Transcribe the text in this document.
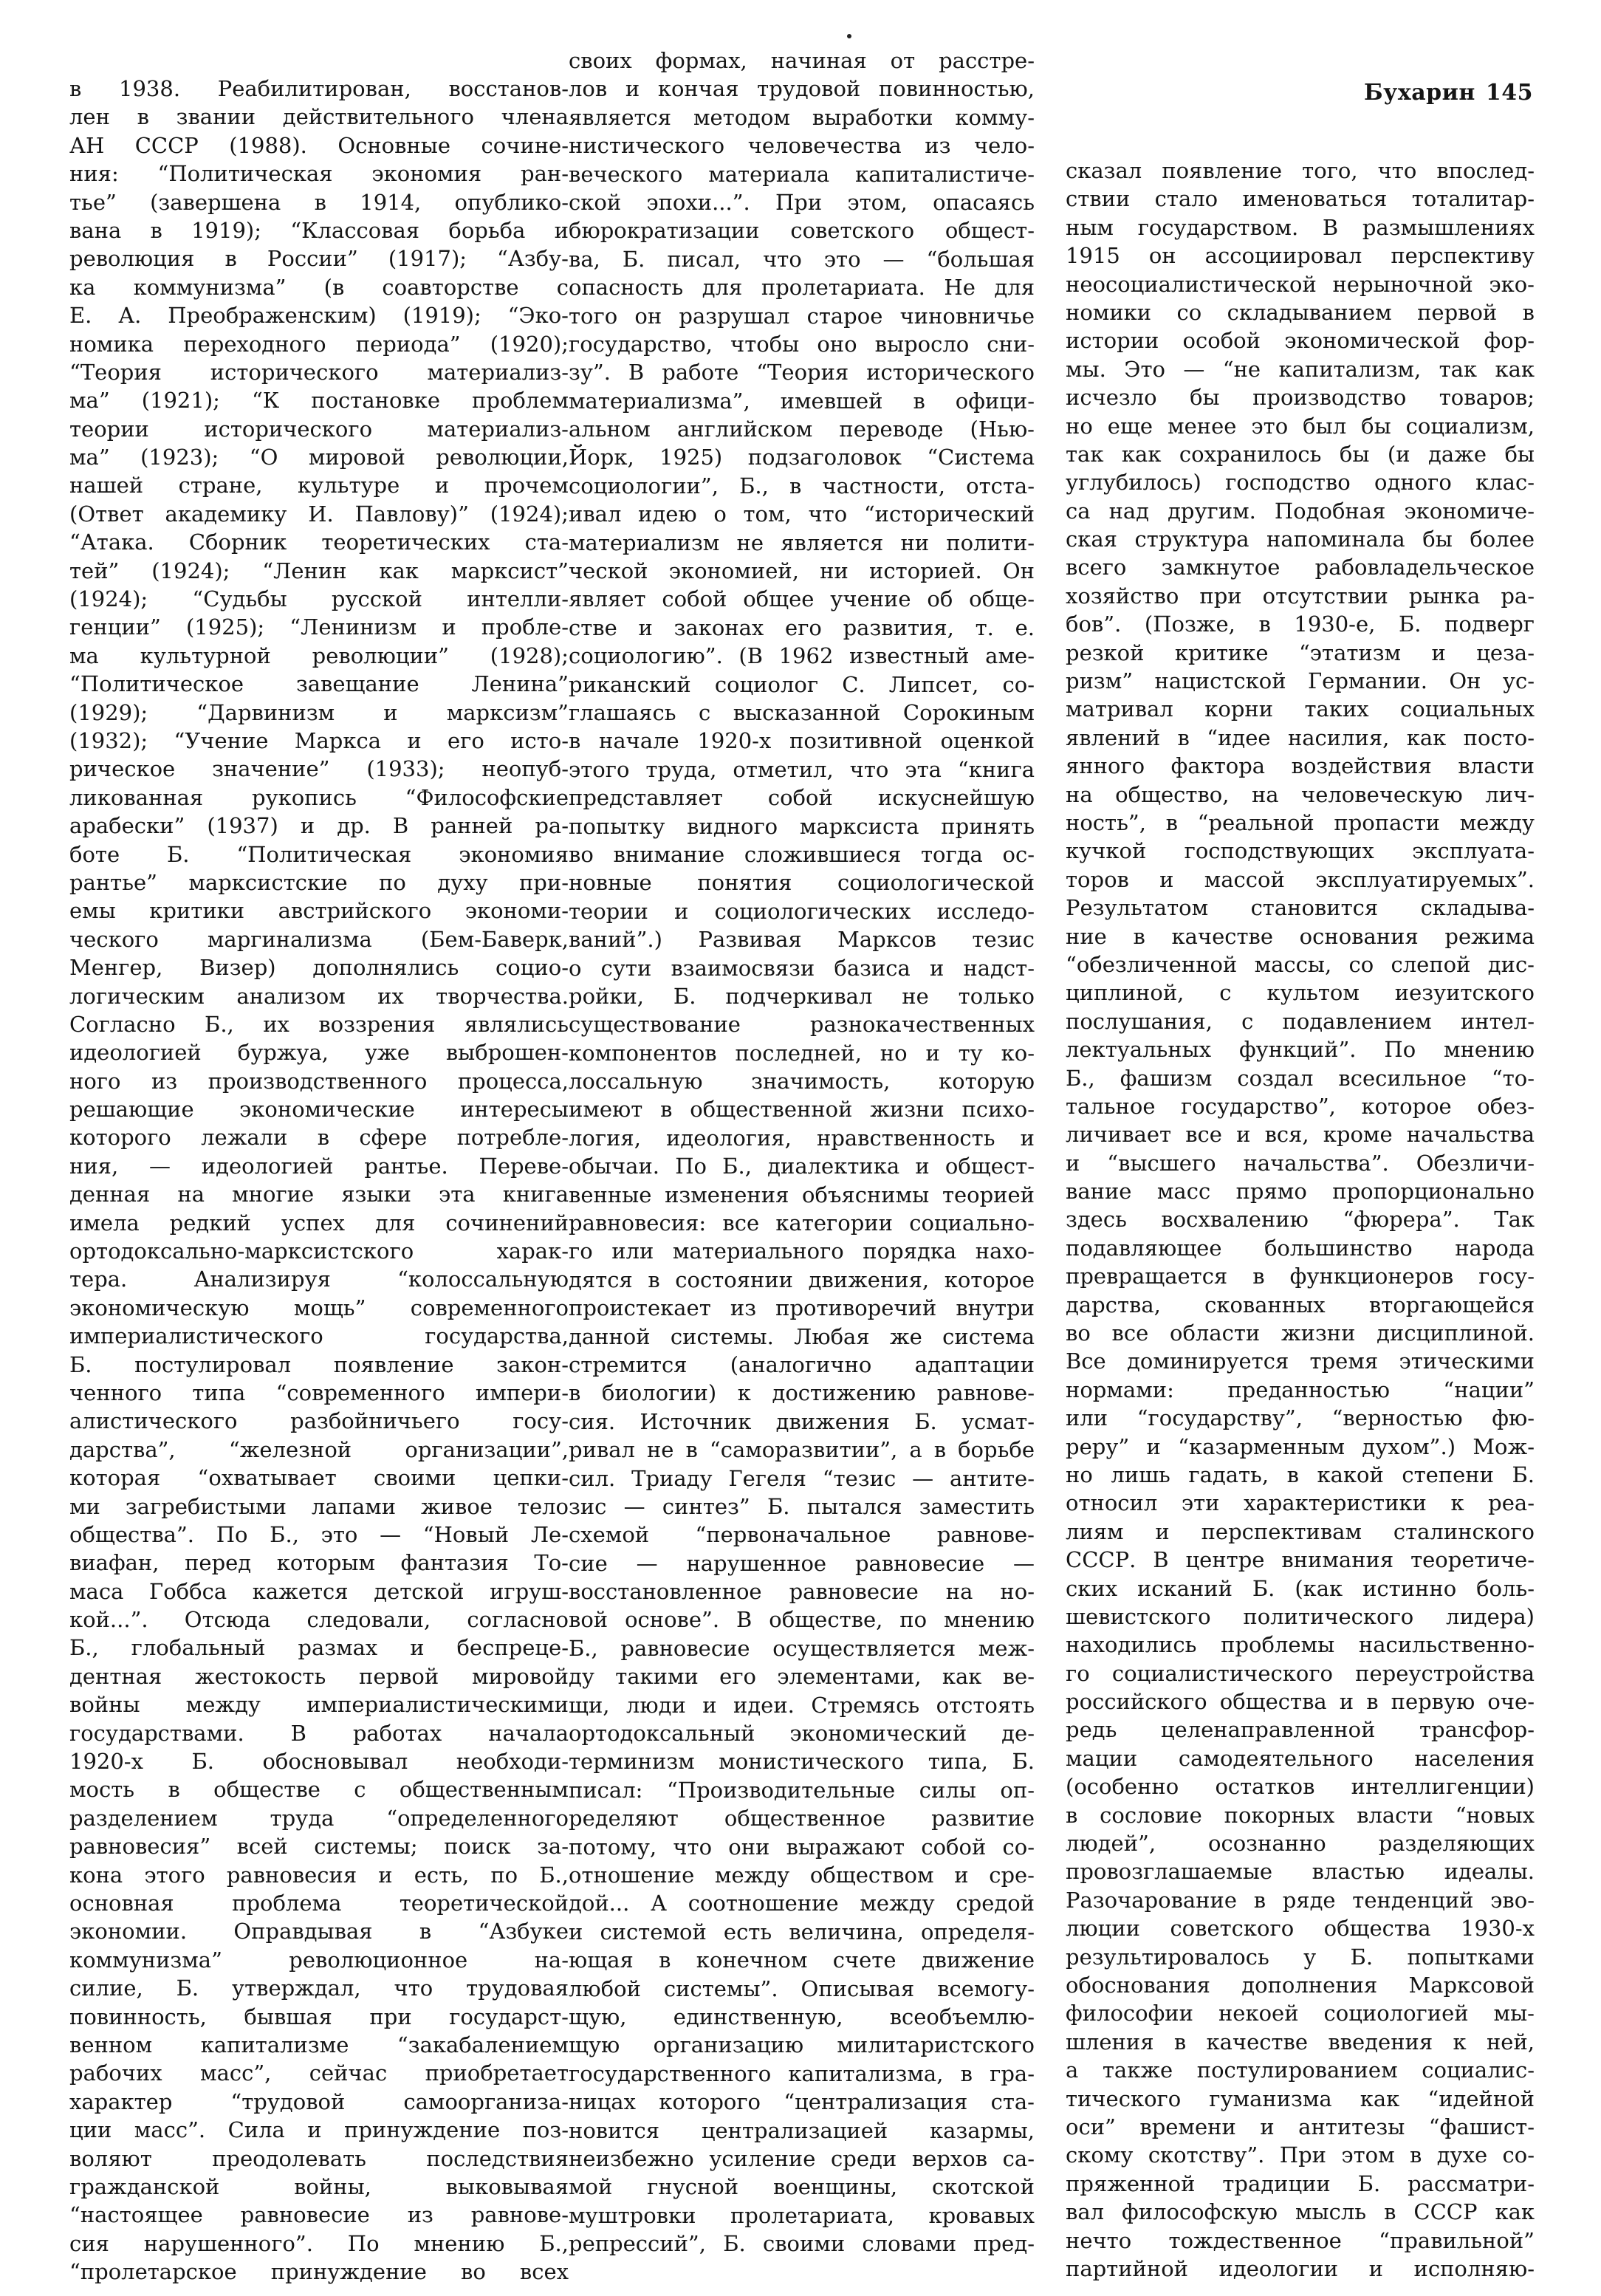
Бухарин 145
в 1938. Реабилитирован, восстанов-
лен в звании действительного члена
АН СССР (1988). Основные сочине-
ния: “Политическая экономия ран-
тье” (завершена в 1914, опублико-
вана в 1919); “Классовая борьба и
революция в России” (1917); “Азбу-
ка коммунизма” (в соавторстве с
Е. А. Преображенским) (1919); “Эко-
номика переходного периода” (1920);
“Теория исторического материализ-
ма” (1921); “К постановке проблем
теории исторического материализ-
ма” (1923); “О мировой революции,
нашей стране, культуре и прочем
(Ответ академику И. Павлову)” (1924);
“Атака. Сборник теоретических ста-
тей” (1924); “Ленин как марксист”
(1924); “Судьбы русской интелли-
генции” (1925); “Ленинизм и пробле-
ма культурной революции” (1928);
“Политическое завещание Ленина”
(1929); “Дарвинизм и марксизм”
(1932); “Учение Маркса и его исто-
рическое значение” (1933); неопуб-
ликованная рукопись “Философские
арабески” (1937) и др. В ранней ра-
боте Б. “Политическая экономия
рантье” марксистские по духу при-
емы критики австрийского экономи-
ческого маргинализма (Бем-Баверк,
Менгер, Визер) дополнялись социо-
логическим анализом их творчества.
Согласно Б., их воззрения являлись
идеологией буржуа, уже выброшен-
ного из производственного процесса,
решающие экономические интересы
которого лежали в сфере потребле-
ния, — идеологией рантье. Переве-
денная на многие языки эта книга
имела редкий успех для сочинений
ортодоксально-марксистского харак-
тера. Анализируя “колоссальную
экономическую мощь” современного
империалистического государства,
Б. постулировал появление закон-
ченного типа “современного импери-
алистического разбойничьего госу-
дарства”, “железной организации”,
которая “охватывает своими цепки-
ми загребистыми лапами живое тело
общества”. По Б., это — “Новый Ле-
виафан, перед которым фантазия То-
маса Гоббса кажется детской игруш-
кой...”. Отсюда следовали, согласно
Б., глобальный размах и беспреце-
дентная жестокость первой мировой
войны между империалистическими
государствами. В работах начала
1920-х Б. обосновывал необходи-
мость в обществе с общественным
разделением труда “определенного
равновесия” всей системы; поиск за-
кона этого равновесия и есть, по Б.,
основная проблема теоретической
экономии. Оправдывая в “Азбуке
коммунизма” революционное на-
силие, Б. утверждал, что трудовая
повинность, бывшая при государст-
венном капитализме “закабалением
рабочих масс”, сейчас приобретает
характер “трудовой самоорганиза-
ции масс”. Сила и принуждение поз-
воляют преодолевать последствия
гражданской войны, выковывая
“настоящее равновесие из равнове-
сия нарушенного”. По мнению Б.,
“пролетарское принуждение во всех
своих формах, начиная от расстре-
лов и кончая трудовой повинностью,
является методом выработки комму-
нистического человечества из чело-
веческого материала капиталистиче-
ской эпохи...”. При этом, опасаясь
бюрократизации советского общест-
ва, Б. писал, что это — “большая
опасность для пролетариата. Не для
того он разрушал старое чиновничье
государство, чтобы оно выросло сни-
зу”. В работе “Теория исторического
материализма”, имевшей в офици-
альном английском переводе (Нью-
Йорк, 1925) подзаголовок “Система
социологии”, Б., в частности, отста-
ивал идею о том, что “исторический
материализм не является ни полити-
ческой экономией, ни историей. Он
являет собой общее учение об обще-
стве и законах его развития, т. е.
социологию”. (В 1962 известный аме-
риканский социолог С. Липсет, со-
глашаясь с высказанной Сорокиным
в начале 1920-х позитивной оценкой
этого труда, отметил, что эта “книга
представляет собой искуснейшую
попытку видного марксиста принять
во внимание сложившиеся тогда ос-
новные понятия социологической
теории и социологических исследо-
ваний”.) Развивая Марксов тезис
о сути взаимосвязи базиса и надст-
ройки, Б. подчеркивал не только
существование разнокачественных
компонентов последней, но и ту ко-
лоссальную значимость, которую
имеют в общественной жизни психо-
логия, идеология, нравственность и
обычаи. По Б., диалектика и общест-
венные изменения объяснимы теорией
равновесия: все категории социально-
го или материального порядка нахо-
дятся в состоянии движения, которое
проистекает из противоречий внутри
данной системы. Любая же система
стремится (аналогично адаптации
в биологии) к достижению равнове-
сия. Источник движения Б. усмат-
ривал не в “саморазвитии”, а в борьбе
сил. Триаду Гегеля “тезис — антите-
зис — синтез” Б. пытался заместить
схемой “первоначальное равнове-
сие — нарушенное равновесие —
восстановленное равновесие на но-
вой основе”. В обществе, по мнению
Б., равновесие осуществляется меж-
ду такими его элементами, как ве-
щи, люди и идеи. Стремясь отстоять
ортодоксальный экономический де-
терминизм монистического типа, Б.
писал: “Производительные силы оп-
ределяют общественное развитие
потому, что они выражают собой со-
отношение между обществом и сре-
дой... А соотношение между средой
и системой есть величина, определя-
ющая в конечном счете движение
любой системы”. Описывая всемогу-
щую, единственную, всеобъемлю-
щую организацию милитаристского
государственного капитализма, в гра-
ницах которого “централизация ста-
новится централизацией казармы,
неизбежно усиление среди верхов са-
мой гнусной военщины, скотской
муштровки пролетариата, кровавых
репрессий”, Б. своими словами пред-
сказал появление того, что впослед-
ствии стало именоваться тоталитар-
ным государством. В размышлениях
1915 он ассоциировал перспективу
неосоциалистической нерыночной эко-
номики со складыванием первой в
истории особой экономической фор-
мы. Это — “не капитализм, так как
исчезло бы производство товаров;
но еще менее это был бы социализм,
так как сохранилось бы (и даже бы
углубилось) господство одного клас-
са над другим. Подобная экономиче-
ская структура напоминала бы более
всего замкнутое рабовладельческое
хозяйство при отсутствии рынка ра-
бов”. (Позже, в 1930-е, Б. подверг
резкой критике “этатизм и цеза-
ризм” нацистской Германии. Он ус-
матривал корни таких социальных
явлений в “идее насилия, как посто-
янного фактора воздействия власти
на общество, на человеческую лич-
ность”, в “реальной пропасти между
кучкой господствующих эксплуата-
торов и массой эксплуатируемых”.
Результатом становится складыва-
ние в качестве основания режима
“обезличенной массы, со слепой дис-
циплиной, с культом иезуитского
послушания, с подавлением интел-
лектуальных функций”. По мнению
Б., фашизм создал всесильное “то-
тальное государство”, которое обез-
личивает все и вся, кроме начальства
и “высшего начальства”. Обезличи-
вание масс прямо пропорционально
здесь восхвалению “фюрера”. Так
подавляющее большинство народа
превращается в функционеров госу-
дарства, скованных вторгающейся
во все области жизни дисциплиной.
Все доминируется тремя этическими
нормами: преданностью “нации”
или “государству”, “верностью фю-
реру” и “казарменным духом”.) Мож-
но лишь гадать, в какой степени Б.
относил эти характеристики к реа-
лиям и перспективам сталинского
СССР. В центре внимания теоретиче-
ских исканий Б. (как истинно боль-
шевистского политического лидера)
находились проблемы насильственно-
го социалистического переустройства
российского общества и в первую оче-
редь целенаправленной трансфор-
мации самодеятельного населения
(особенно остатков интеллигенции)
в сословие покорных власти “новых
людей”, осознанно разделяющих
провозглашаемые властью идеалы.
Разочарование в ряде тенденций эво-
люции советского общества 1930-х
результировалось у Б. попытками
обоснования дополнения Марксовой
философии некоей социологией мы-
шления в качестве введения к ней,
а также постулированием социалис-
тического гуманизма как “идейной
оси” времени и антитезы “фашист-
скому скотству”. При этом в духе со-
пряженной традиции Б. рассматри-
вал философскую мысль в СССР как
нечто тождественное “правильной”
партийной идеологии и исполняю-
